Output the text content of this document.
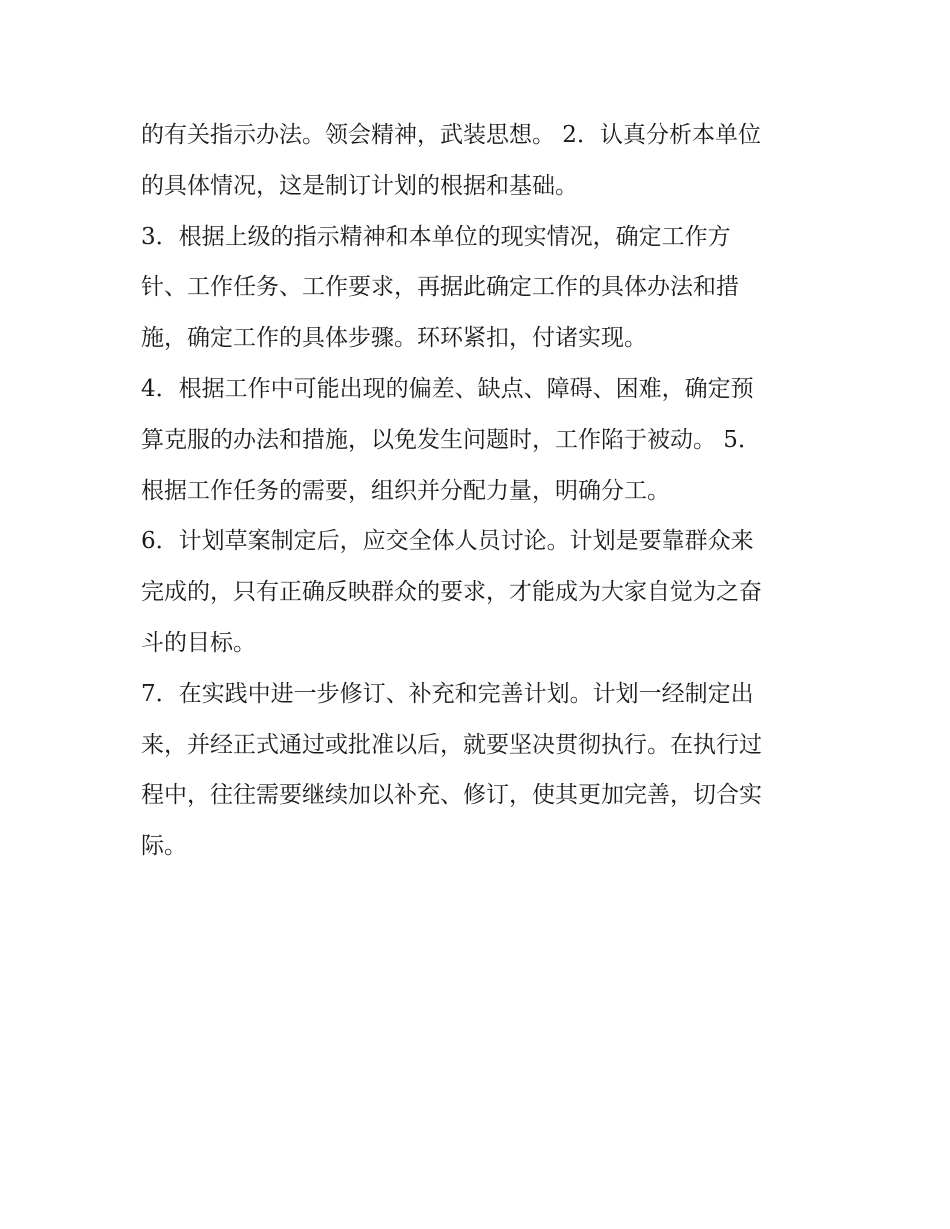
的有关指示办法。领会精神，武装思想。 2．认真分析本单位
的具体情况，这是制订计划的根据和基础。
3．根据上级的指示精神和本单位的现实情况，确定工作方
针、工作任务、工作要求，再据此确定工作的具体办法和措
施，确定工作的具体步骤。环环紧扣，付诸实现。
4．根据工作中可能出现的偏差、缺点、障碍、困难，确定预
算克服的办法和措施，以免发生问题时，工作陷于被动。 5．
根据工作任务的需要，组织并分配力量，明确分工。
6．计划草案制定后，应交全体人员讨论。计划是要靠群众来
完成的，只有正确反映群众的要求，才能成为大家自觉为之奋
斗的目标。
7．在实践中进一步修订、补充和完善计划。计划一经制定出
来，并经正式通过或批准以后，就要坚决贯彻执行。在执行过
程中，往往需要继续加以补充、修订，使其更加完善，切合实
际。
